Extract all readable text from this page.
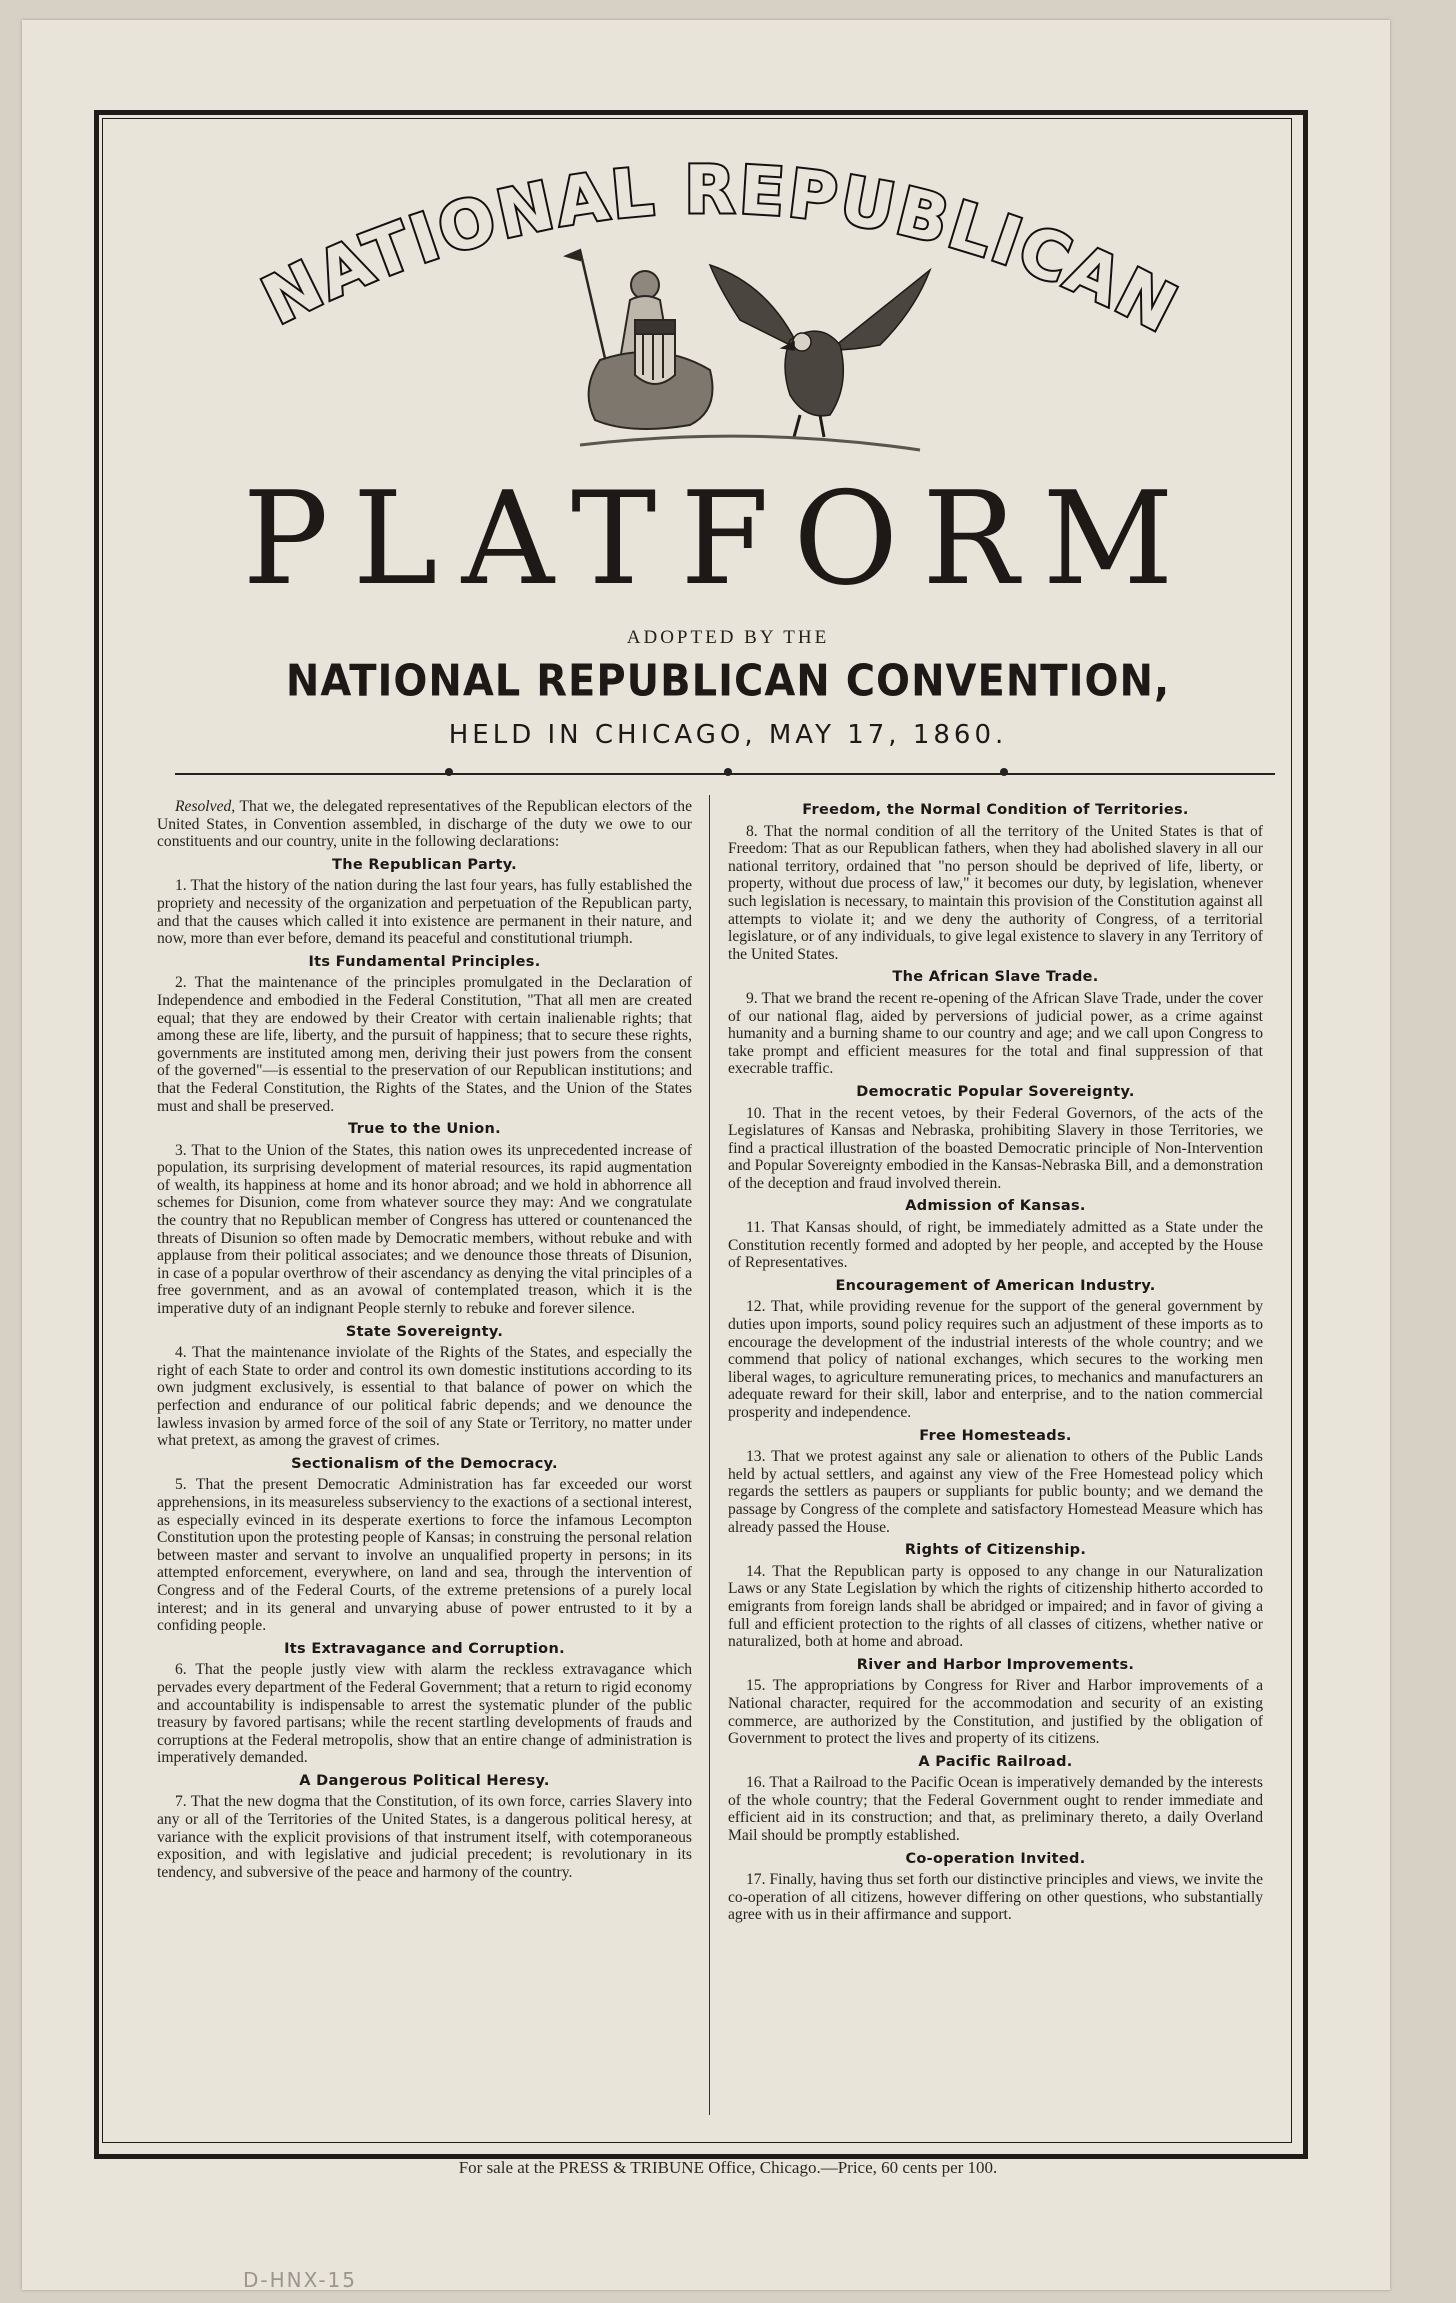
NATIONAL REPUBLICAN
PLATFORM
ADOPTED BY THE
NATIONAL REPUBLICAN CONVENTION,
HELD IN CHICAGO, MAY 17, 1860.

Resolved, That we, the delegated representatives of the Republican electors of the United States, in Convention assembled, in discharge of the duty we owe to our constituents and our country, unite in the following declarations:

The Republican Party.

1. That the history of the nation during the last four years, has fully established the propriety and necessity of the organization and perpetuation of the Republican party, and that the causes which called it into existence are permanent in their nature, and now, more than ever before, demand its peaceful and constitutional triumph.

Its Fundamental Principles.

2. That the maintenance of the principles promulgated in the Declaration of Independence and embodied in the Federal Constitution, "That all men are created equal; that they are endowed by their Creator with certain inalienable rights; that among these are life, liberty, and the pursuit of happiness; that to secure these rights, governments are instituted among men, deriving their just powers from the consent of the governed"—is essential to the preservation of our Republican institutions; and that the Federal Constitution, the Rights of the States, and the Union of the States must and shall be preserved.

True to the Union.

3. That to the Union of the States, this nation owes its unprecedented increase of population, its surprising development of material resources, its rapid augmentation of wealth, its happiness at home and its honor abroad; and we hold in abhorrence all schemes for Disunion, come from whatever source they may: And we congratulate the country that no Republican member of Congress has uttered or countenanced the threats of Disunion so often made by Democratic members, without rebuke and with applause from their political associates; and we denounce those threats of Disunion, in case of a popular overthrow of their ascendancy as denying the vital principles of a free government, and as an avowal of contemplated treason, which it is the imperative duty of an indignant People sternly to rebuke and forever silence.

State Sovereignty.

4. That the maintenance inviolate of the Rights of the States, and especially the right of each State to order and control its own domestic institutions according to its own judgment exclusively, is essential to that balance of power on which the perfection and endurance of our political fabric depends; and we denounce the lawless invasion by armed force of the soil of any State or Territory, no matter under what pretext, as among the gravest of crimes.

Sectionalism of the Democracy.

5. That the present Democratic Administration has far exceeded our worst apprehensions, in its measureless subserviency to the exactions of a sectional interest, as especially evinced in its desperate exertions to force the infamous Lecompton Constitution upon the protesting people of Kansas; in construing the personal relation between master and servant to involve an unqualified property in persons; in its attempted enforcement, everywhere, on land and sea, through the intervention of Congress and of the Federal Courts, of the extreme pretensions of a purely local interest; and in its general and unvarying abuse of power entrusted to it by a confiding people.

Its Extravagance and Corruption.

6. That the people justly view with alarm the reckless extravagance which pervades every department of the Federal Government; that a return to rigid economy and accountability is indispensable to arrest the systematic plunder of the public treasury by favored partisans; while the recent startling developments of frauds and corruptions at the Federal metropolis, show that an entire change of administration is imperatively demanded.

A Dangerous Political Heresy.

7. That the new dogma that the Constitution, of its own force, carries Slavery into any or all of the Territories of the United States, is a dangerous political heresy, at variance with the explicit provisions of that instrument itself, with cotemporaneous exposition, and with legislative and judicial precedent; is revolutionary in its tendency, and subversive of the peace and harmony of the country.

Freedom, the Normal Condition of Territories.

8. That the normal condition of all the territory of the United States is that of Freedom: That as our Republican fathers, when they had abolished slavery in all our national territory, ordained that "no person should be deprived of life, liberty, or property, without due process of law," it becomes our duty, by legislation, whenever such legislation is necessary, to maintain this provision of the Constitution against all attempts to violate it; and we deny the authority of Congress, of a territorial legislature, or of any individuals, to give legal existence to slavery in any Territory of the United States.

The African Slave Trade.

9. That we brand the recent re-opening of the African Slave Trade, under the cover of our national flag, aided by perversions of judicial power, as a crime against humanity and a burning shame to our country and age; and we call upon Congress to take prompt and efficient measures for the total and final suppression of that execrable traffic.

Democratic Popular Sovereignty.

10. That in the recent vetoes, by their Federal Governors, of the acts of the Legislatures of Kansas and Nebraska, prohibiting Slavery in those Territories, we find a practical illustration of the boasted Democratic principle of Non-Intervention and Popular Sovereignty embodied in the Kansas-Nebraska Bill, and a demonstration of the deception and fraud involved therein.

Admission of Kansas.

11. That Kansas should, of right, be immediately admitted as a State under the Constitution recently formed and adopted by her people, and accepted by the House of Representatives.

Encouragement of American Industry.

12. That, while providing revenue for the support of the general government by duties upon imports, sound policy requires such an adjustment of these imports as to encourage the development of the industrial interests of the whole country; and we commend that policy of national exchanges, which secures to the working men liberal wages, to agriculture remunerating prices, to mechanics and manufacturers an adequate reward for their skill, labor and enterprise, and to the nation commercial prosperity and independence.

Free Homesteads.

13. That we protest against any sale or alienation to others of the Public Lands held by actual settlers, and against any view of the Free Homestead policy which regards the settlers as paupers or suppliants for public bounty; and we demand the passage by Congress of the complete and satisfactory Homestead Measure which has already passed the House.

Rights of Citizenship.

14. That the Republican party is opposed to any change in our Naturalization Laws or any State Legislation by which the rights of citizenship hitherto accorded to emigrants from foreign lands shall be abridged or impaired; and in favor of giving a full and efficient protection to the rights of all classes of citizens, whether native or naturalized, both at home and abroad.

River and Harbor Improvements.

15. The appropriations by Congress for River and Harbor improvements of a National character, required for the accommodation and security of an existing commerce, are authorized by the Constitution, and justified by the obligation of Government to protect the lives and property of its citizens.

A Pacific Railroad.

16. That a Railroad to the Pacific Ocean is imperatively demanded by the interests of the whole country; that the Federal Government ought to render immediate and efficient aid in its construction; and that, as preliminary thereto, a daily Overland Mail should be promptly established.

Co-operation Invited.

17. Finally, having thus set forth our distinctive principles and views, we invite the co-operation of all citizens, however differing on other questions, who substantially agree with us in their affirmance and support.

For sale at the PRESS & TRIBUNE Office, Chicago.—Price, 60 cents per 100.
D-HNX-15
